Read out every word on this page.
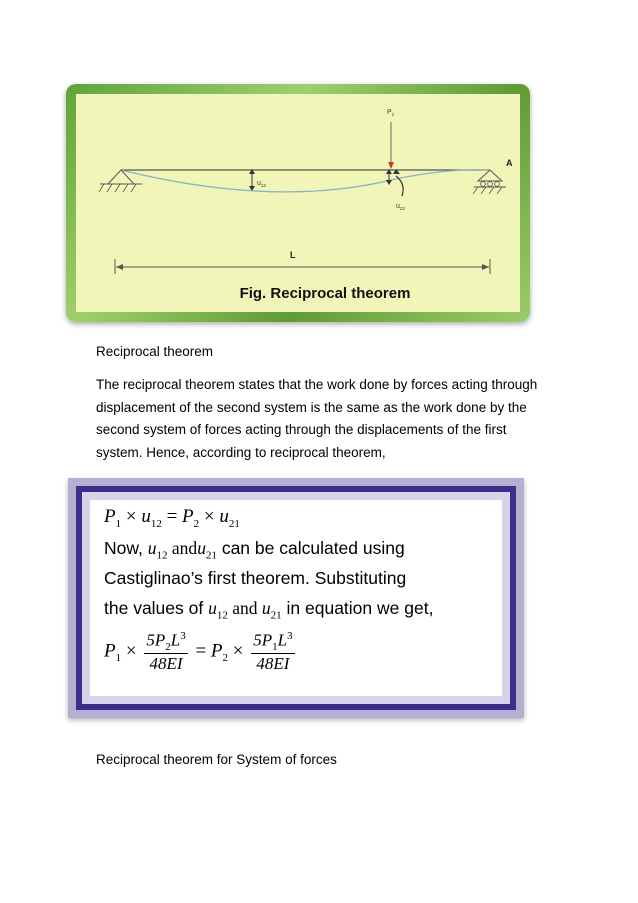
A
$P_2$
$u_{12}$
$u_{22}$
L
Fig. Reciprocal theorem
Reciprocal theorem

The reciprocal theorem states that the work done by forces acting through displacement of the second system is the same as the work done by the second system of forces acting through the displacements of the first system. Hence, according to reciprocal theorem,

$P_1 \times u_{12} = P_2 \times u_{21}$
Now, $u_{12}$ andu$_{21}$ can be calculated using
Castiglinao’s first theorem. Substituting
the values of $u_{12}$ and $u_{21}$ in equation we get,
$P_1 \times \frac{5P_2L^3}{48EI} = P_2 \times \frac{5P_1L^3}{48EI}$
Reciprocal theorem for System of forces
